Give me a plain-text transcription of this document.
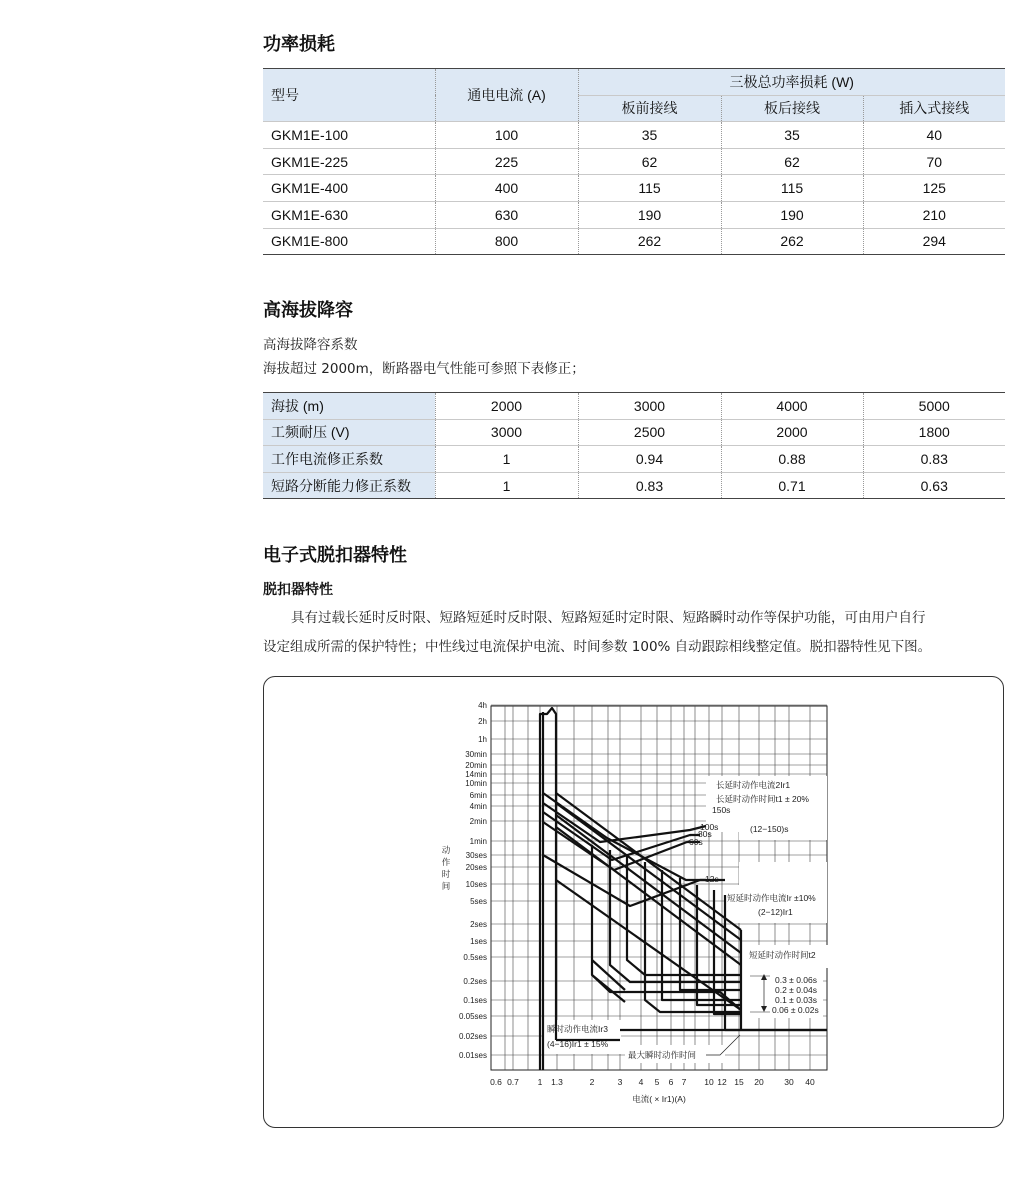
功率损耗
型号	通电电流 (A)	三极总功率损耗 (W)		
		板前接线	板后接线	插入式接线
GKM1E-100	100	35	35	40
GKM1E-225	225	62	62	70
GKM1E-400	400	115	115	125
GKM1E-630	630	190	190	210
GKM1E-800	800	262	262	294
高海拔降容
高海拔降容系数
海拔超过 2000m，断路器电气性能可参照下表修正；
海拔 (m)	2000	3000	4000	5000
工频耐压 (V)	3000	2500	2000	1800
工作电流修正系数	1	0.94	0.88	0.83
短路分断能力修正系数	1	0.83	0.71	0.63
电子式脱扣器特性
脱扣器特性
具有过载长延时反时限、短路短延时反时限、短路短延时定时限、短路瞬时动作等保护功能，可由用户自行
设定组成所需的保护特性；中性线过电流保护电流、时间参数 100% 自动跟踪相线整定值。脱扣器特性见下图。
0.6 0.7 1 1.3	2	3 4 5 6 7 10 12 15 20 30 40
4h
2h
1h
30min
20min
14min
10min
6min
4min
2min
1min
30ses
20ses
10ses
5ses
2ses
1ses
0.5ses
0.2ses
0.1ses
0.05ses
0.02ses
0.01ses
电流( × Ir1)(A)
动
作
时
间
150s
100s
80s
60s
12s
长延时动作电流2Ir1
长延时动作时间t1 ± 20%
(12−150)s
短延时动作电流Ir ±10%
(2−12)Ir1
短延时动作时间t2
0.3 ± 0.06s
0.2 ± 0.04s
0.1 ± 0.03s
0.06 ± 0.02s
瞬时动作电流Ir3
(4−16)Ir1 ± 15%
最大瞬时动作时间
